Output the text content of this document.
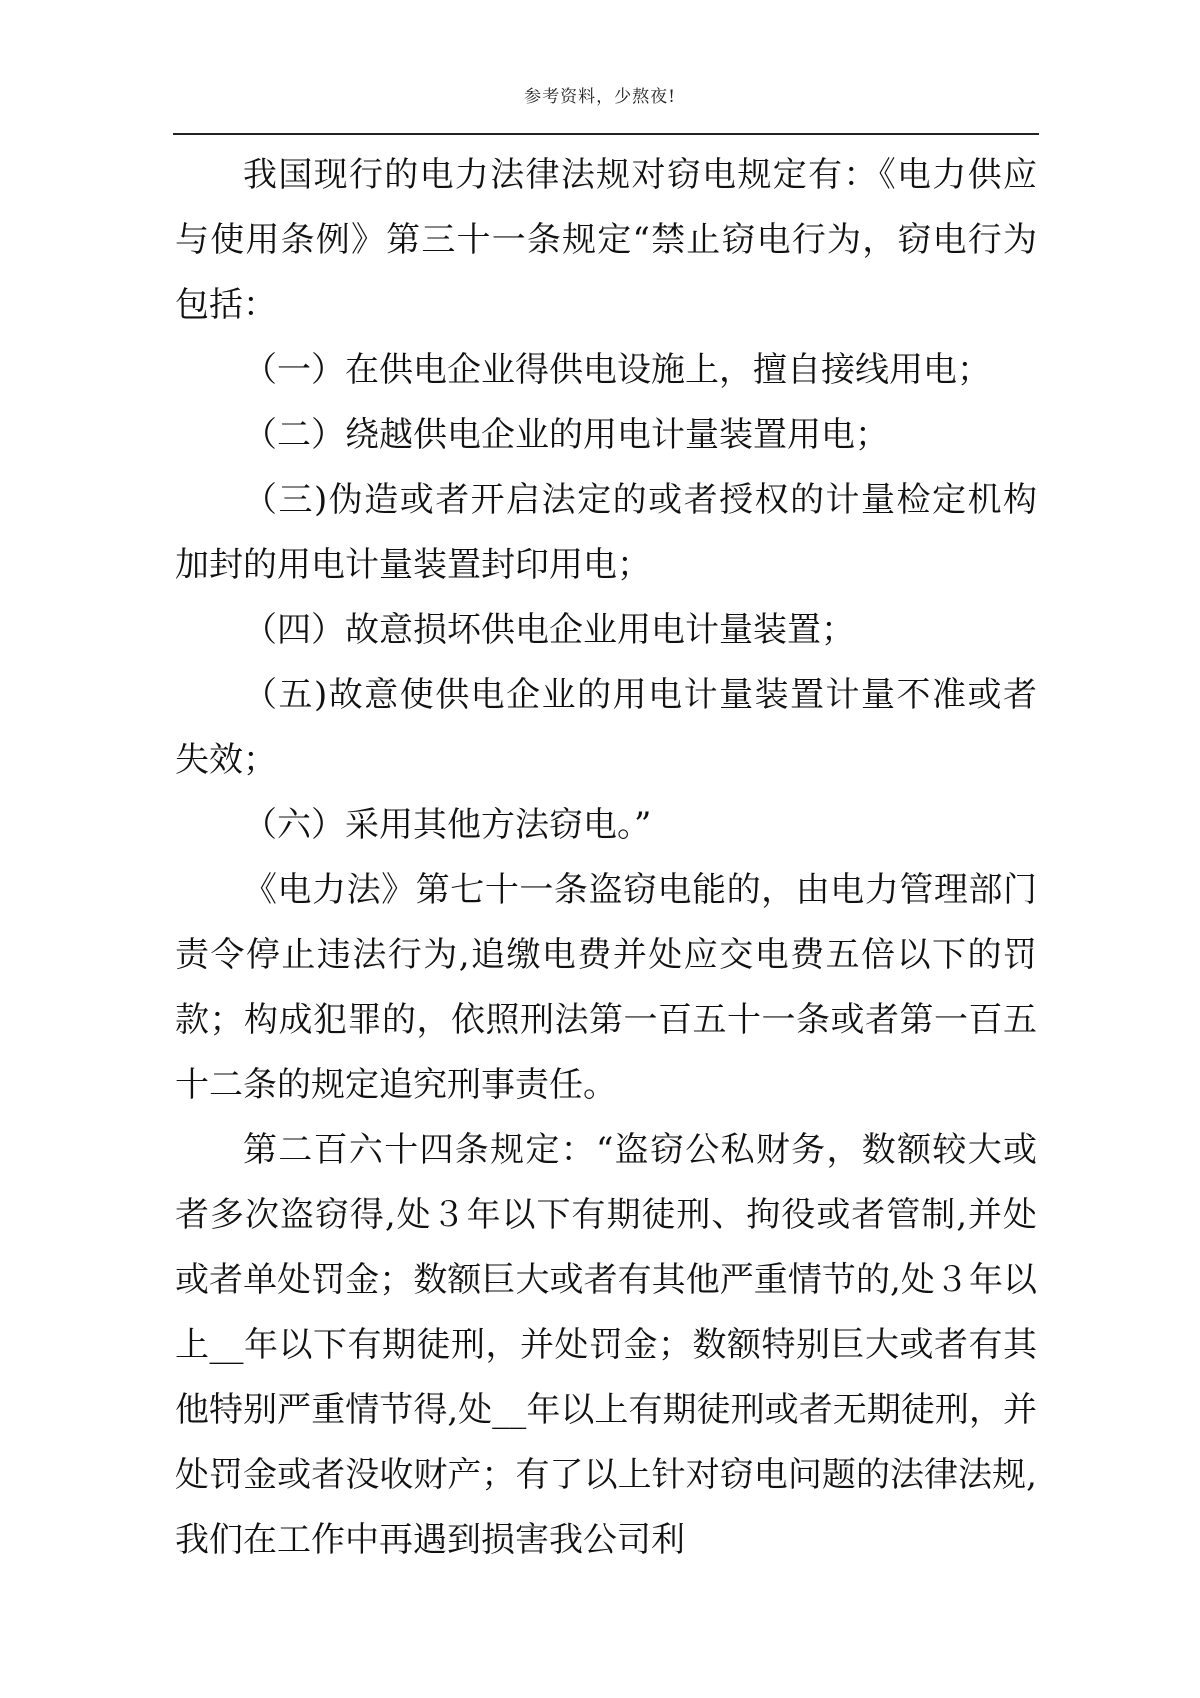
参考资料，少熬夜!

我国现行的电力法律法规对窃电规定有：《电力供应与使用条例》第三十一条规定“禁止窃电行为，窃电行为包括：

（一）在供电企业得供电设施上，擅自接线用电；

（二）绕越供电企业的用电计量装置用电；

（三)伪造或者开启法定的或者授权的计量检定机构加封的用电计量装置封印用电；

（四）故意损坏供电企业用电计量装置；

（五)故意使供电企业的用电计量装置计量不准或者失效；

（六）采用其他方法窃电。”

《电力法》第七十一条盗窃电能的，由电力管理部门责令停止违法行为,追缴电费并处应交电费五倍以下的罚款；构成犯罪的，依照刑法第一百五十一条或者第一百五十二条的规定追究刑事责任。

第二百六十四条规定：“盗窃公私财务，数额较大或者多次盗窃得,处３年以下有期徒刑、拘役或者管制,并处或者单处罚金；数额巨大或者有其他严重情节的,处３年以上__年以下有期徒刑，并处罚金；数额特别巨大或者有其他特别严重情节得,处__年以上有期徒刑或者无期徒刑，并处罚金或者没收财产；有了以上针对窃电问题的法律法规,我们在工作中再遇到损害我公司利
